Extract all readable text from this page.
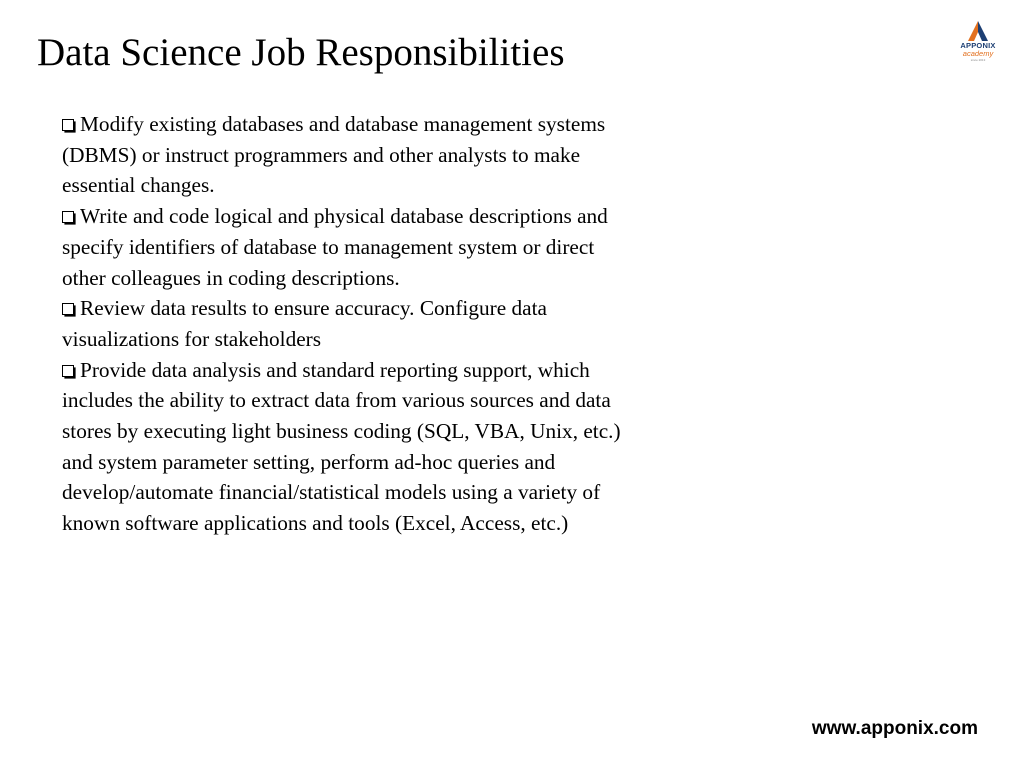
Data Science Job Responsibilities	APPONIX
academy
since 2013

Modify existing databases and database management systems (DBMS) or instruct programmers and other analysts to make essential changes.

Write and code logical and physical database descriptions and specify identifiers of database to management system or direct other colleagues in coding descriptions.

Review data results to ensure accuracy. Configure data visualizations for stakeholders

Provide data analysis and standard reporting support, which includes the ability to extract data from various sources and data stores by executing light business coding (SQL, VBA, Unix, etc.) and system parameter setting, perform ad-hoc queries and develop/automate financial/statistical models using a variety of known software applications and tools (Excel, Access, etc.)

www.apponix.com
